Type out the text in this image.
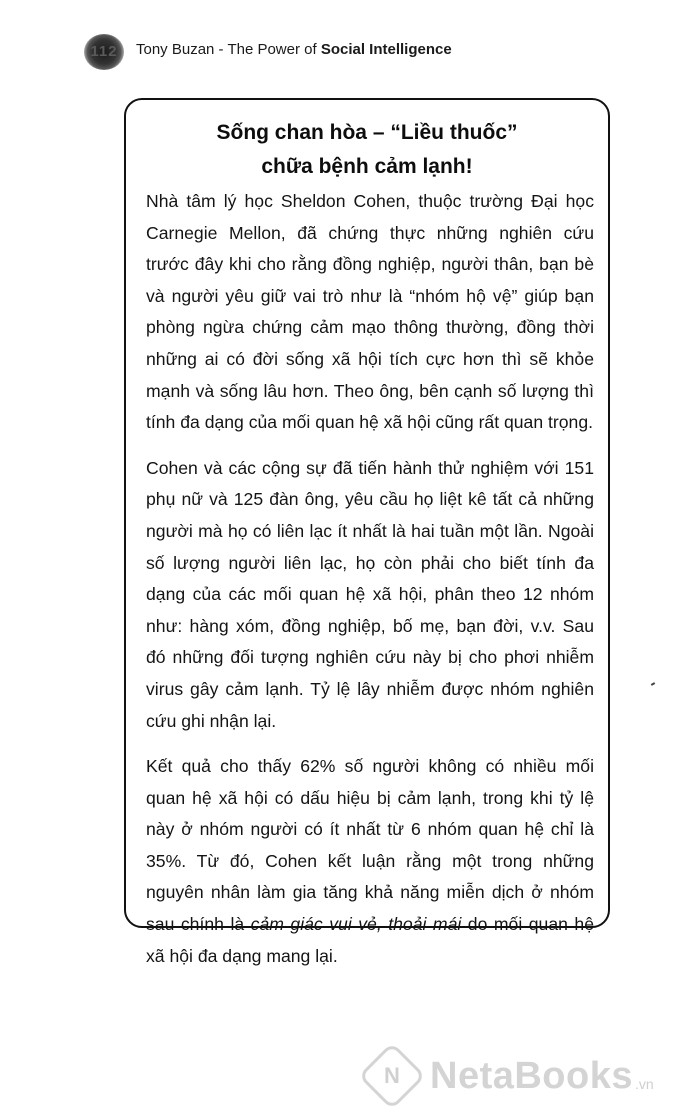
112	Tony Buzan - The Power of Social Intelligence
Sống chan hòa – “Liều thuốc”
chữa bệnh cảm lạnh!

Nhà tâm lý học Sheldon Cohen, thuộc trường Đại học Carnegie Mellon, đã chứng thực những nghiên cứu trước đây khi cho rằng đồng nghiệp, người thân, bạn bè và người yêu giữ vai trò như là “nhóm hộ vệ” giúp bạn phòng ngừa chứng cảm mạo thông thường, đồng thời những ai có đời sống xã hội tích cực hơn thì sẽ khỏe mạnh và sống lâu hơn. Theo ông, bên cạnh số lượng thì tính đa dạng của mối quan hệ xã hội cũng rất quan trọng.

Cohen và các cộng sự đã tiến hành thử nghiệm với 151 phụ nữ và 125 đàn ông, yêu cầu họ liệt kê tất cả những người mà họ có liên lạc ít nhất là hai tuần một lần. Ngoài số lượng người liên lạc, họ còn phải cho biết tính đa dạng của các mối quan hệ xã hội, phân theo 12 nhóm như: hàng xóm, đồng nghiệp, bố mẹ, bạn đời, v.v. Sau đó những đối tượng nghiên cứu này bị cho phơi nhiễm virus gây cảm lạnh. Tỷ lệ lây nhiễm được nhóm nghiên cứu ghi nhận lại.

Kết quả cho thấy 62% số người không có nhiều mối quan hệ xã hội có dấu hiệu bị cảm lạnh, trong khi tỷ lệ này ở nhóm người có ít nhất từ 6 nhóm quan hệ chỉ là 35%. Từ đó, Cohen kết luận rằng một trong những nguyên nhân làm gia tăng khả năng miễn dịch ở nhóm sau chính là cảm giác vui vẻ, thoải mái do mối quan hệ xã hội đa dạng mang lại.

N NetaBooks .vn
